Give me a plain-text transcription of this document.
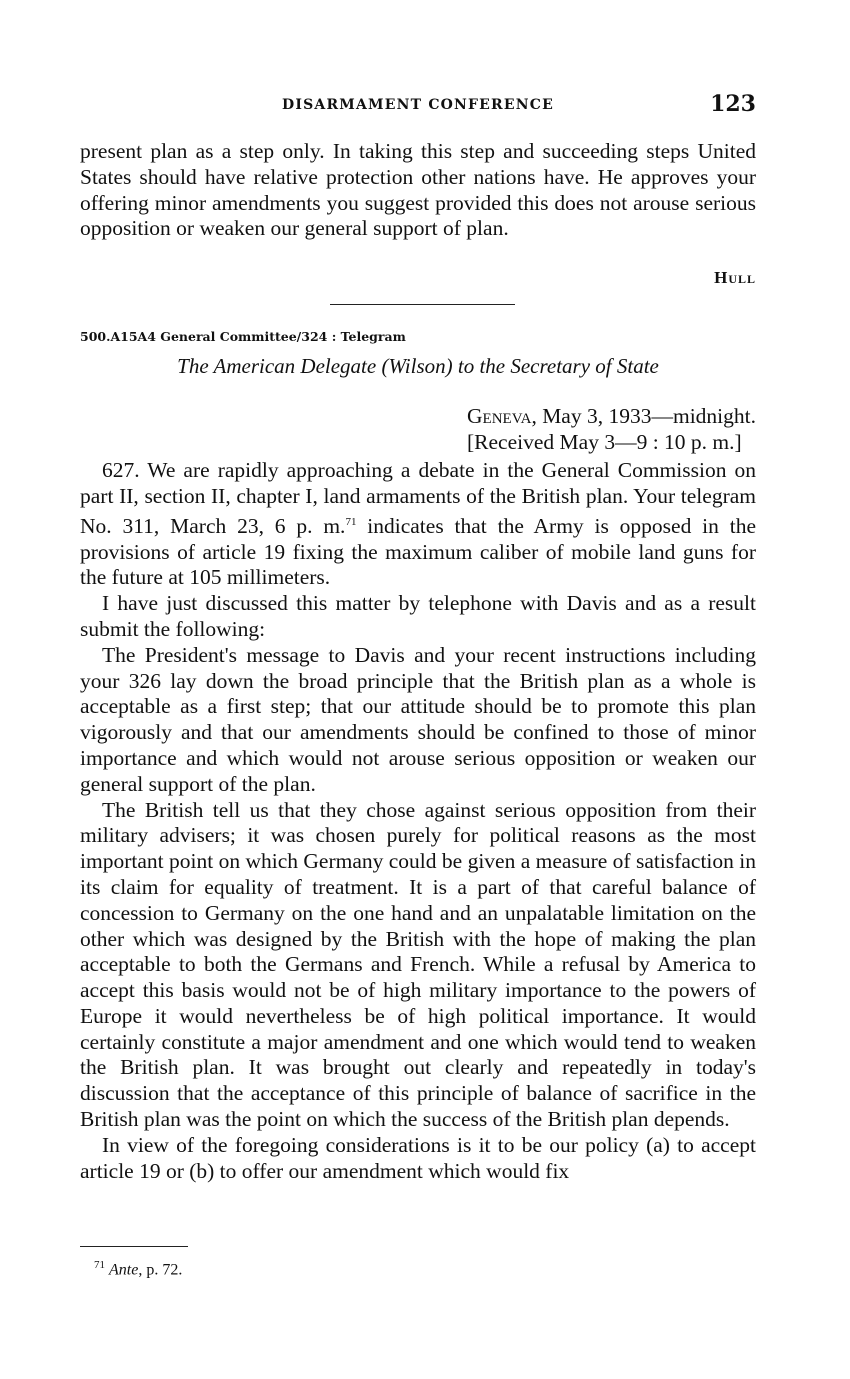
DISARMAMENT CONFERENCE	123

present plan as a step only. In taking this step and succeeding steps United States should have relative protection other nations have. He approves your offering minor amendments you suggest provided this does not arouse serious opposition or weaken our general support of plan.

Hull
500.A15A4 General Committee/324 : Telegram
The American Delegate (Wilson) to the Secretary of State
Geneva, May 3, 1933—midnight.
[Received May 3—9 : 10 p. m.]

627. We are rapidly approaching a debate in the General Commission on part II, section II, chapter I, land armaments of the British plan. Your telegram No. 311, March 23, 6 p. m.$^{71}$ indicates that the Army is opposed in the provisions of article 19 fixing the maximum caliber of mobile land guns for the future at 105 millimeters.

I have just discussed this matter by telephone with Davis and as a result submit the following:

The President's message to Davis and your recent instructions including your 326 lay down the broad principle that the British plan as a whole is acceptable as a first step; that our attitude should be to promote this plan vigorously and that our amendments should be confined to those of minor importance and which would not arouse serious opposition or weaken our general support of the plan.

The British tell us that they chose against serious opposition from their military advisers; it was chosen purely for political reasons as the most important point on which Germany could be given a measure of satisfaction in its claim for equality of treatment. It is a part of that careful balance of concession to Germany on the one hand and an unpalatable limitation on the other which was designed by the British with the hope of making the plan acceptable to both the Germans and French. While a refusal by America to accept this basis would not be of high military importance to the powers of Europe it would nevertheless be of high political importance. It would certainly constitute a major amendment and one which would tend to weaken the British plan. It was brought out clearly and repeatedly in today's discussion that the acceptance of this principle of balance of sacrifice in the British plan was the point on which the success of the British plan depends.

In view of the foregoing considerations is it to be our policy (a) to accept article 19 or (b) to offer our amendment which would fix

$^{71}$ Ante, p. 72.
